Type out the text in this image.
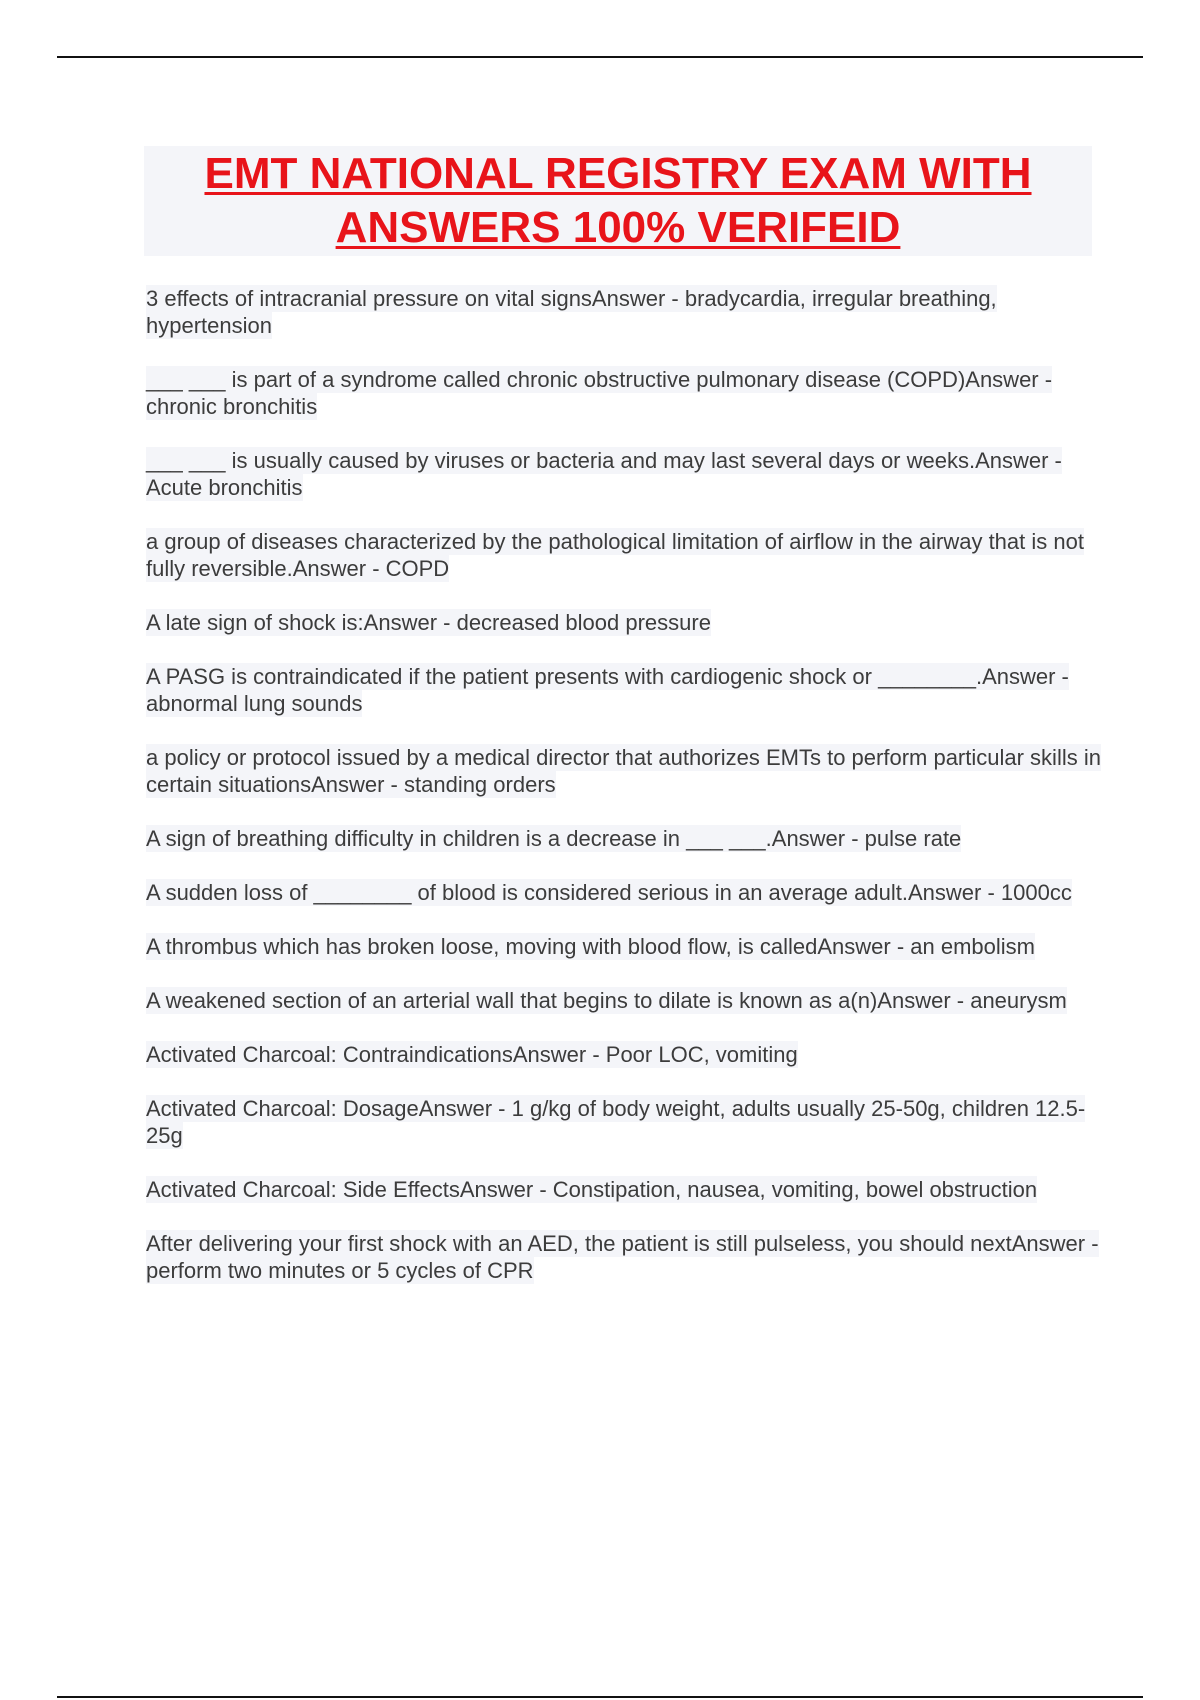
EMT NATIONAL REGISTRY EXAM WITH ANSWERS 100% VERIFEID
3 effects of intracranial pressure on vital signsAnswer - bradycardia, irregular breathing, hypertension
___ ___ is part of a syndrome called chronic obstructive pulmonary disease (COPD)Answer - chronic bronchitis
___ ___ is usually caused by viruses or bacteria and may last several days or weeks.Answer - Acute bronchitis
a group of diseases characterized by the pathological limitation of airflow in the airway that is not fully reversible.Answer - COPD
A late sign of shock is:Answer - decreased blood pressure
A PASG is contraindicated if the patient presents with cardiogenic shock or ________.Answer - abnormal lung sounds
a policy or protocol issued by a medical director that authorizes EMTs to perform particular skills in certain situationsAnswer - standing orders
A sign of breathing difficulty in children is a decrease in ___ ___.Answer - pulse rate
A sudden loss of ________ of blood is considered serious in an average adult.Answer - 1000cc
A thrombus which has broken loose, moving with blood flow, is calledAnswer - an embolism
A weakened section of an arterial wall that begins to dilate is known as a(n)Answer - aneurysm
Activated Charcoal: ContraindicationsAnswer - Poor LOC, vomiting
Activated Charcoal: DosageAnswer - 1 g/kg of body weight, adults usually 25-50g, children 12.5-25g
Activated Charcoal: Side EffectsAnswer - Constipation, nausea, vomiting, bowel obstruction
After delivering your first shock with an AED, the patient is still pulseless, you should nextAnswer - perform two minutes or 5 cycles of CPR
